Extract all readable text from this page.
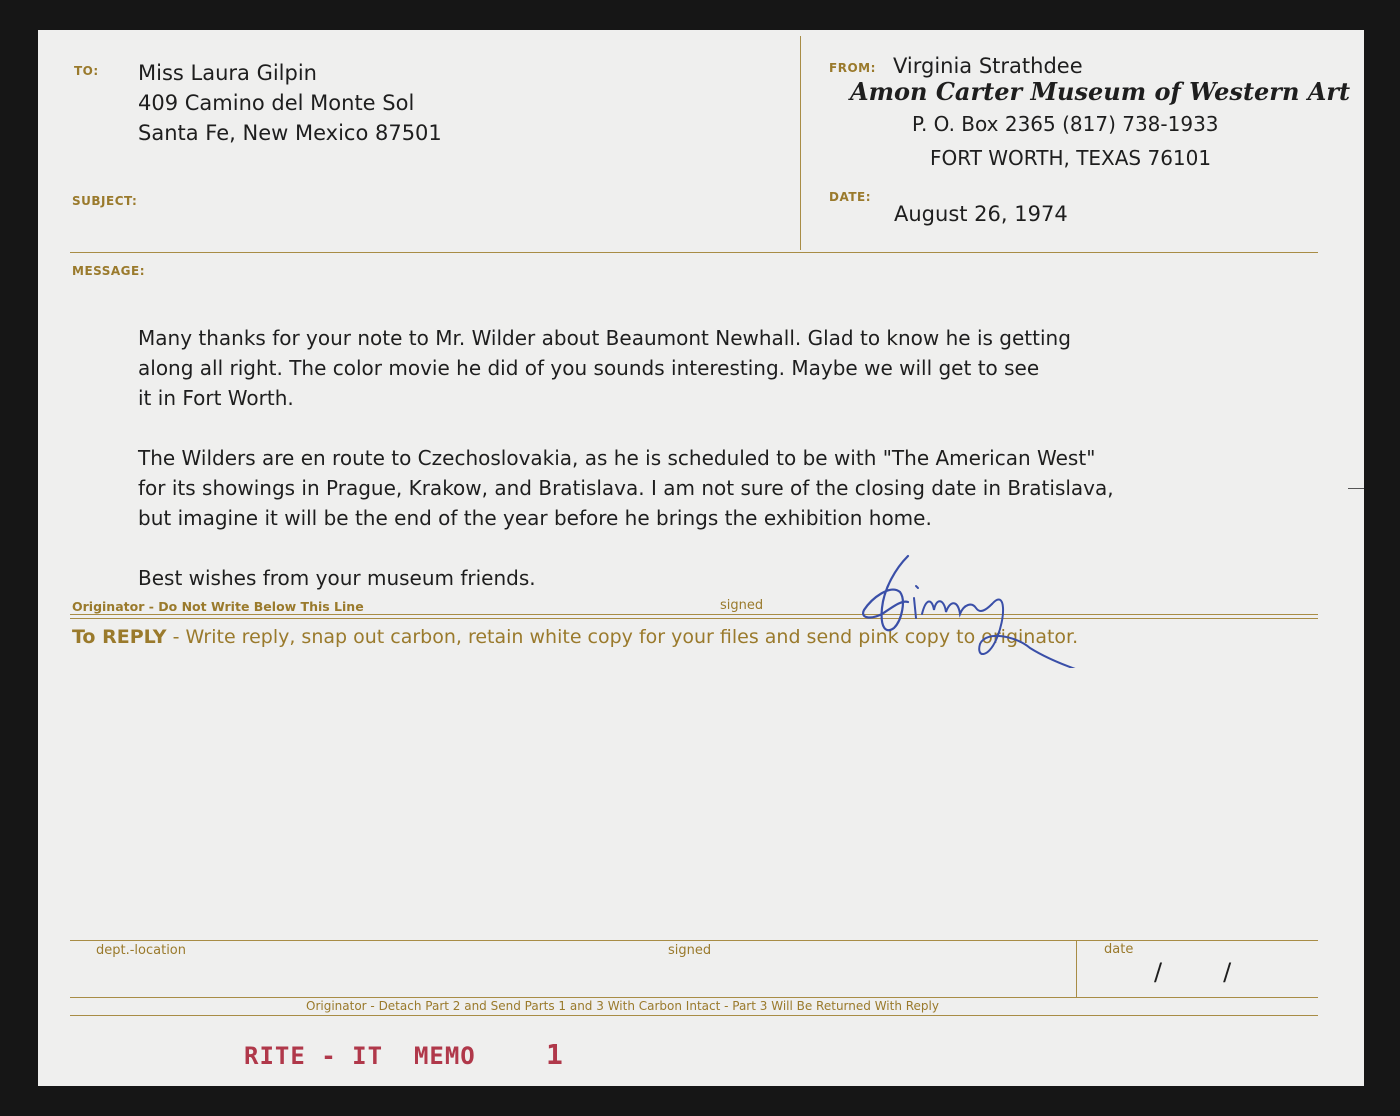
TO: Miss Laura Gilpin
409 Camino del Monte Sol
Santa Fe, New Mexico 87501
SUBJECT:
FROM: Virginia Strathdee
Amon Carter Museum of Western Art
P. O. Box 2365 (817) 738-1933
FORT WORTH, TEXAS 76101
DATE:
August 26, 1974
MESSAGE:

Many thanks for your note to Mr. Wilder about Beaumont Newhall. Glad to know he is getting

along all right. The color movie he did of you sounds interesting. Maybe we will get to see

it in Fort Worth.

The Wilders are en route to Czechoslovakia, as he is scheduled to be with "The American West"

for its showings in Prague, Krakow, and Bratislava. I am not sure of the closing date in Bratislava,

but imagine it will be the end of the year before he brings the exhibition home.

Best wishes from your museum friends.

Originator - Do Not Write Below This Line	signed
To REPLY - Write reply, snap out carbon, retain white copy for your files and send pink copy to originator.
dept.-location	signed	date
/        /
Originator - Detach Part 2 and Send Parts 1 and 3 With Carbon Intact - Part 3 Will Be Returned With Reply
RITE - IT  MEMO	1
